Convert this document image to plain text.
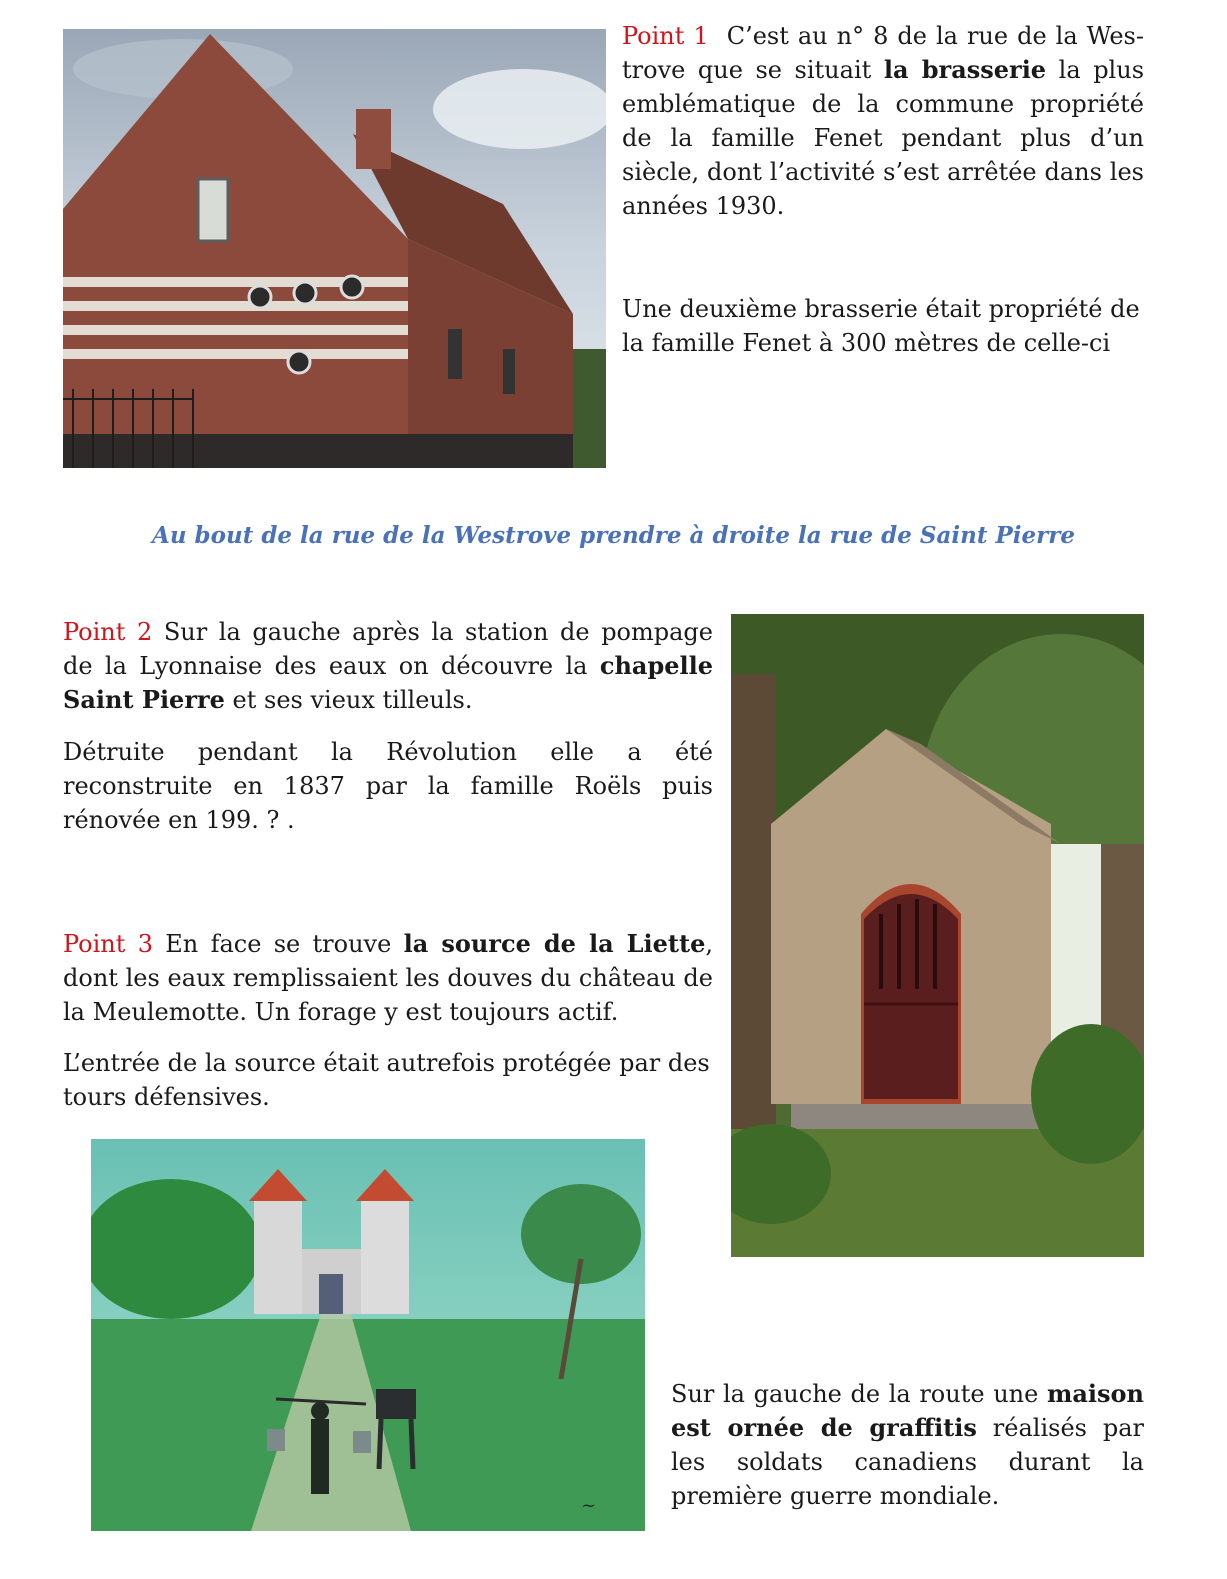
Point 1 C’est au n° 8 de la rue de la Wes-trove que se situait la brasserie la plus emblématique de la commune propriété de la famille Fenet pendant plus d’un siècle, dont l’activité s’est arrêtée dans les années 1930.
Une deuxième brasserie était propriété de la famille Fenet à 300 mètres de celle-ci
Au bout de la rue de la Westrove prendre à droite la rue de Saint Pierre
Point 2 Sur la gauche après la station de pompage de la Lyonnaise des eaux on découvre la chapelle Saint Pierre et ses vieux tilleuls.
Détruite pendant la Révolution elle a été reconstruite en 1837 par la famille Roëls puis rénovée en 199. ? .
Point 3 En face se trouve la source de la Liette, dont les eaux remplissaient les douves du château de la Meulemotte. Un forage y est toujours actif.
L’entrée de la source était autrefois protégée par des tours défensives.
~
Sur la gauche de la route une maison est ornée de graffitis réalisés par les soldats canadiens durant la première guerre mondiale.
